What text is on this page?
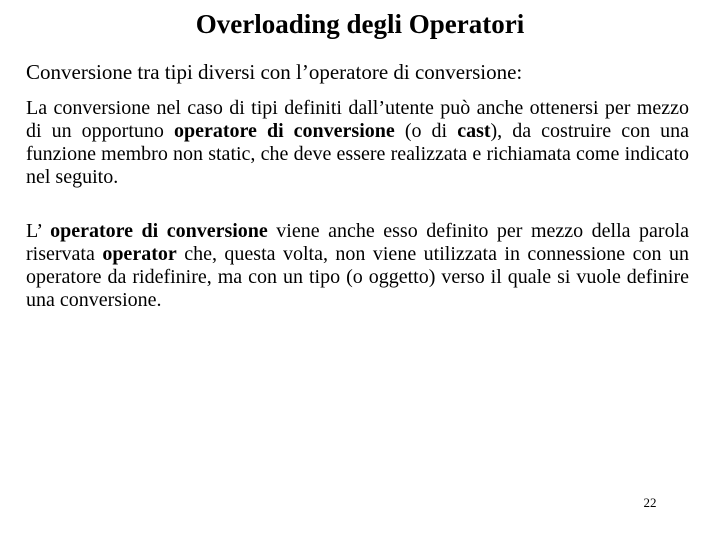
Overloading degli Operatori

Conversione tra tipi diversi con l’operatore di conversione:

La conversione nel caso di tipi definiti dall’utente può anche ottenersi per mezzo di un opportuno operatore di conversione (o di cast), da costruire con una funzione membro non static, che deve essere realizzata e richiamata come indicato nel seguito.

L’ operatore di conversione viene anche esso definito per mezzo della parola riservata operator che, questa volta, non viene utilizzata in connessione con un operatore da ridefinire, ma con un tipo (o oggetto) verso il quale si vuole definire una conversione.

22
